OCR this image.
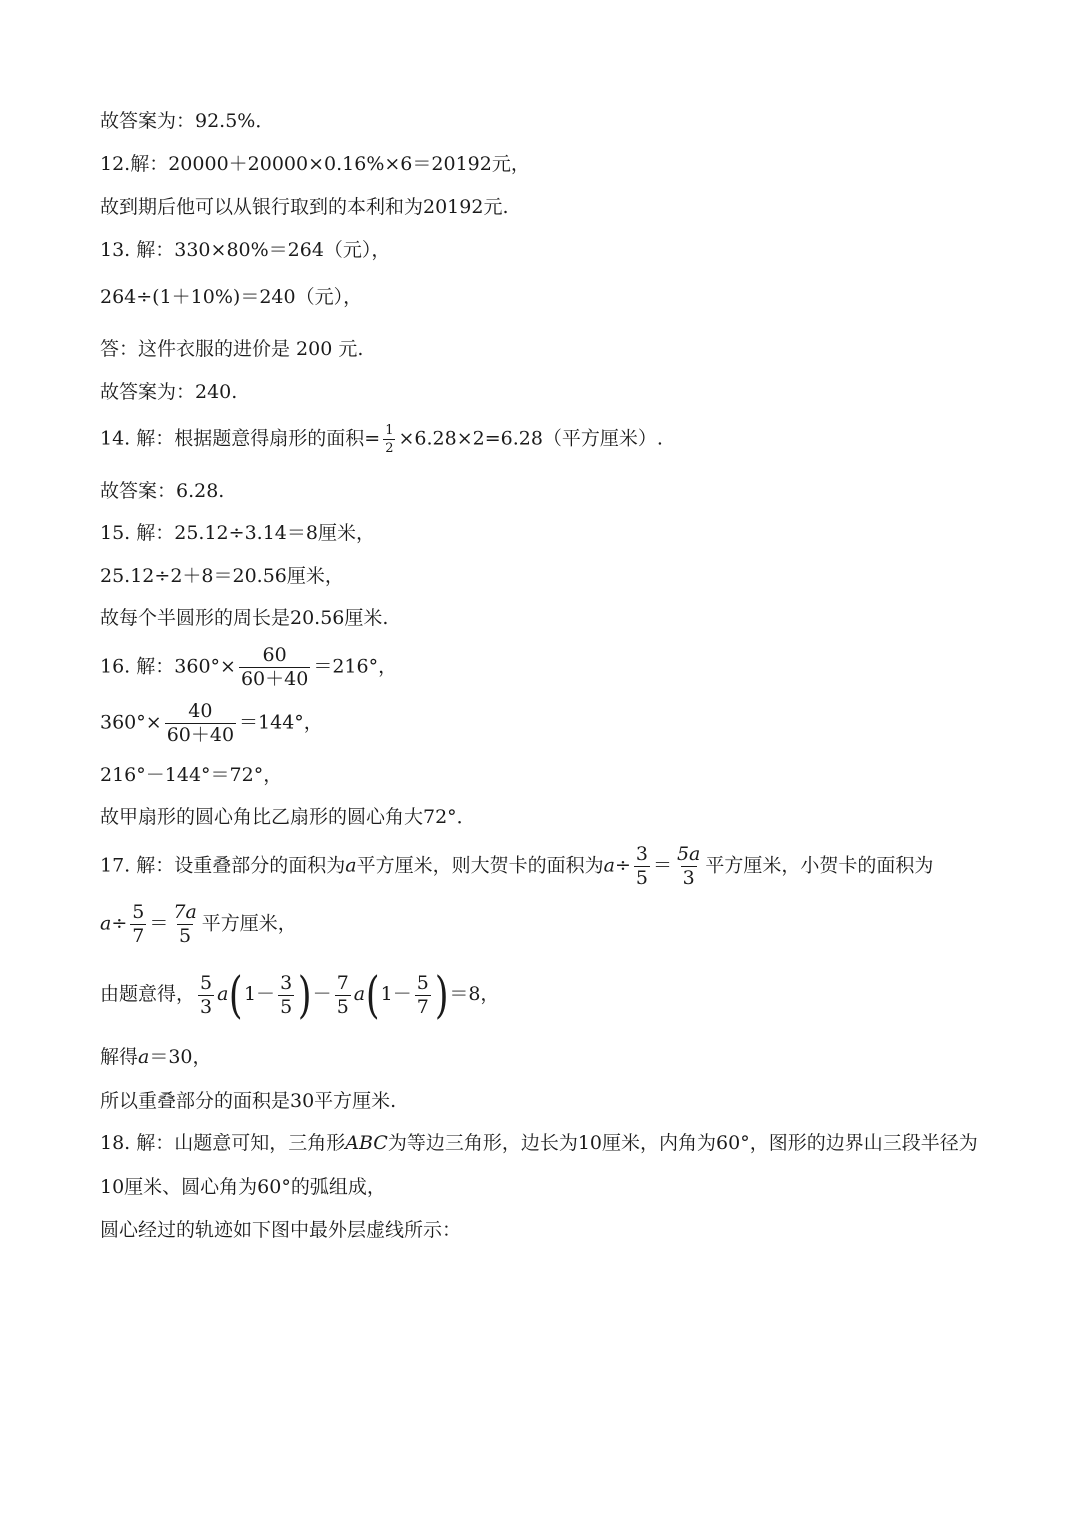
故答案为：92.5%．
12.解：20000＋20000×0.16%×6＝20192元，
故到期后他可以从银行取到的本利和为20192元.
13. 解：330×80%＝264（元），
264÷(1＋10%)＝240（元），
答：这件衣服的进价是 200 元.
故答案为：240.
14. 解：根据题意得扇形的面积= $\frac{1}{2} \times 6.28\times 2=6.28$（平方厘米）.
故答案：6.28.
15. 解：25.12÷3.14＝8厘米，
25.12÷2＋8＝20.56厘米，
故每个半圆形的周长是20.56厘米.
16. 解：$360^\circ\times \frac{60}{60+40} =216^\circ$，
$360^\circ\times \frac{40}{60+40} =144^\circ$，
216°－144°＝72°，
故甲扇形的圆心角比乙扇形的圆心角大72°．
17. 解：设重叠部分的面积为a平方厘米，则大贺卡的面积为$a\div \frac{3}{5} = \frac{5a}{3}$ 平方厘米，小贺卡的面积为
$a\div \frac{5}{7} = \frac{7a}{5}$ 平方厘米，
由题意得， $\frac{5}{3} a(1- \frac{3}{5}$ )－ $\frac{7}{5} a(1- \frac{5}{7} )=8$，
解得a＝30，
所以重叠部分的面积是30平方厘米.
18. 解：山题意可知，三角形ABC为等边三角形，边长为10厘米，内角为60°，图形的边界山三段半径为
10厘米、圆心角为60°的弧组成，
圆心经过的轨迹如下图中最外层虚线所示：
